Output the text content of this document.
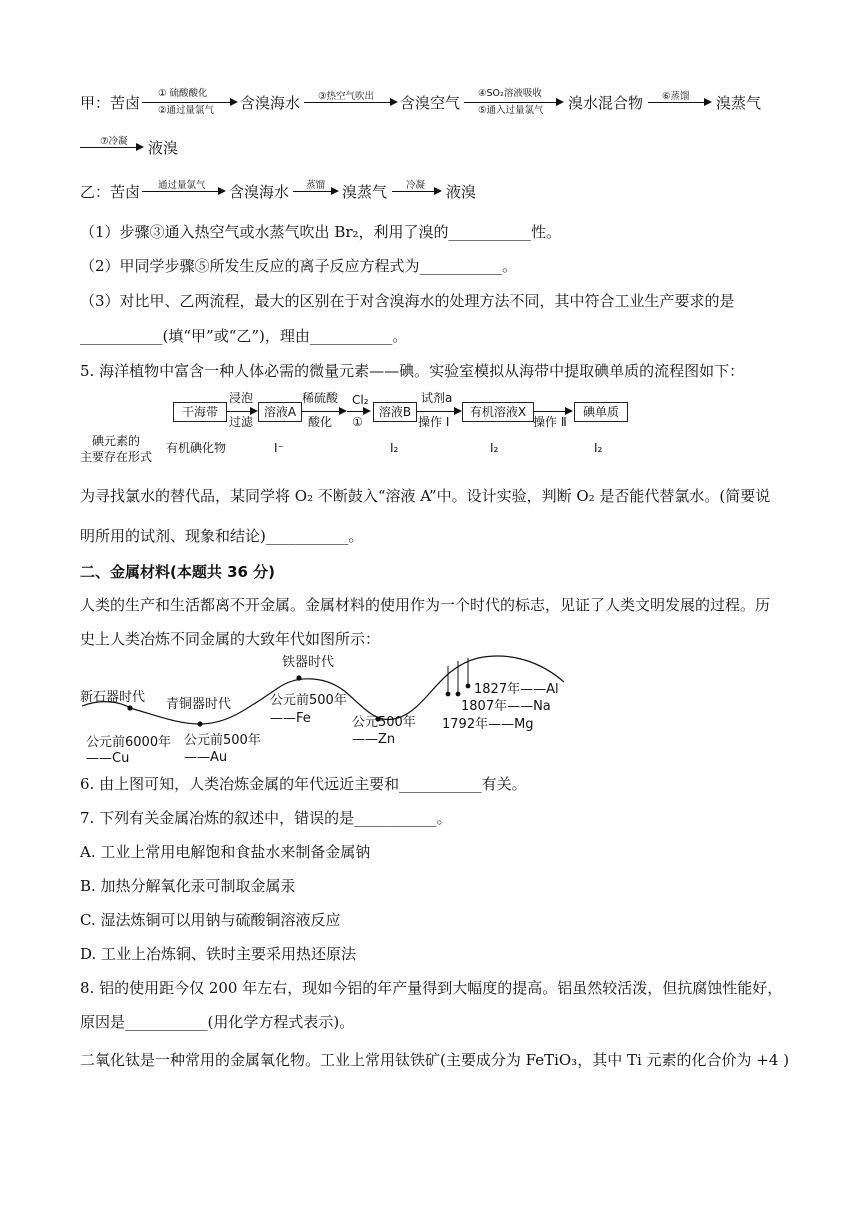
甲：苦卤
① 硫酸酸化
②通过量氯气 含溴海水 ③热空气吹出 含溴空气
④SO₂溶液吸收
⑤通入过量氯气 溴水混合物 ⑥蒸馏 溴蒸气
⑦冷凝 液溴
乙：苦卤 通过量氯气 含溴海水 蒸馏 溴蒸气 冷凝 液溴

（1）步骤③通入热空气或水蒸气吹出 Br₂，利用了溴的___________性。

（2）甲同学步骤⑤所发生反应的离子反应方程式为___________。

（3）对比甲、乙两流程，最大的区别在于对含溴海水的处理方法不同，其中符合工业生产要求的是

___________(填“甲”或“乙”)，理由___________。

5. 海洋植物中富含一种人体必需的微量元素——碘。实验室模拟从海带中提取碘单质的流程图如下：

干海带
浸泡
过滤
溶液A
稀硫酸
酸化
Cl₂
①
溶液B
试剂a
操作 Ⅰ
有机溶液X
操作 Ⅱ
碘单质
碘元素的
主要存在形式
有机碘化物	I⁻	I₂	I₂	I₂

为寻找氯水的替代品，某同学将 O₂ 不断鼓入“溶液 A”中。设计实验，判断 O₂ 是否能代替氯水。(简要说

明所用的试剂、现象和结论)___________。

二、金属材料(本题共 36 分)

人类的生产和生活都离不开金属。金属材料的使用作为一个时代的标志，见证了人类文明发展的过程。历

史上人类冶炼不同金属的大致年代如图所示：

新石器时代 青铜器时代
铁器时代
公元前6000年
——Cu
公元前500年
——Au
公元前500年
——Fe	公元500年
——Zn
1827年——Al
1807年——Na
1792年——Mg

6. 由上图可知，人类冶炼金属的年代远近主要和___________有关。

7. 下列有关金属冶炼的叙述中，错误的是___________。

A. 工业上常用电解饱和食盐水来制备金属钠

B. 加热分解氧化汞可制取金属汞

C. 湿法炼铜可以用钠与硫酸铜溶液反应

D. 工业上冶炼铜、铁时主要采用热还原法

8. 铝的使用距今仅 200 年左右，现如今铝的年产量得到大幅度的提高。铝虽然较活泼，但抗腐蚀性能好，

原因是___________(用化学方程式表示)。

二氧化钛是一种常用的金属氧化物。工业上常用钛铁矿(主要成分为 FeTiO₃，其中 Ti 元素的化合价为 +4 )
